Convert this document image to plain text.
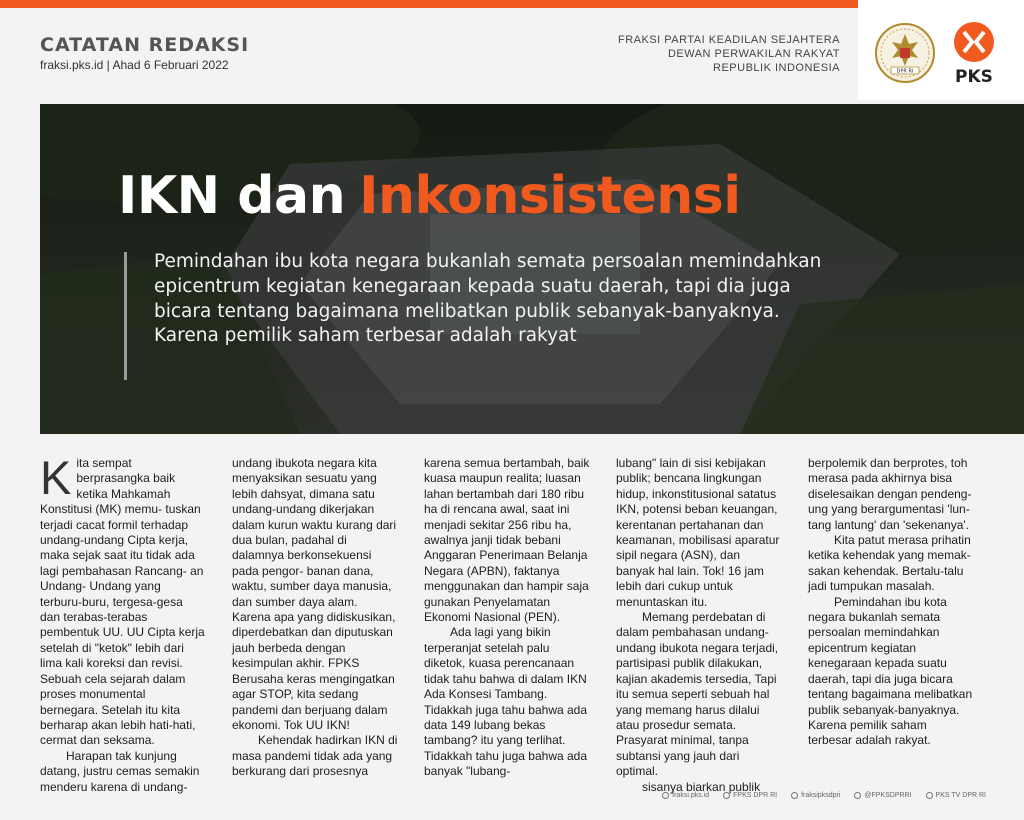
CATATAN REDAKSI
fraksi.pks.id | Ahad 6 Februari 2022
FRAKSI PARTAI KEADILAN SEJAHTERA
DEWAN PERWAKILAN RAKYAT
REPUBLIK INDONESIA	DPR RI PKS
IKN dan Inkonsistensi
Pemindahan ibu kota negara bukanlah semata persoalan memindahkan epicentrum kegiatan kenegaraan kepada suatu daerah, tapi dia juga bicara tentang bagaimana melibatkan publik sebanyak-banyaknya. Karena pemilik saham terbesar adalah rakyat

K ita sempat berprasangka baik ketika Mahkamah Konstitusi (MK) memu- tuskan terjadi cacat formil terhadap undang-undang Cipta kerja, maka sejak saat itu tidak ada lagi pembahasan Rancang- an Undang- Undang yang terburu-buru, tergesa-gesa dan terabas-terabas pembentuk UU. UU Cipta kerja setelah di "ketok" lebih dari lima kali koreksi dan revisi. Sebuah cela sejarah dalam proses monumental bernegara. Setelah itu kita berharap akan lebih hati-hati, cermat dan seksama.

Harapan tak kunjung datang, justru cemas semakin menderu karena di undang-

undang ibukota negara kita menyaksikan sesuatu yang lebih dahsyat, dimana satu undang-undang dikerjakan dalam kurun waktu kurang dari dua bulan, padahal di dalamnya berkonsekuensi pada pengor- banan dana, waktu, sumber daya manusia, dan sumber daya alam. Karena apa yang didiskusikan, diperdebatkan dan diputuskan jauh berbeda dengan kesimpulan akhir. FPKS Berusaha keras mengingatkan agar STOP, kita sedang pandemi dan berjuang dalam ekonomi. Tok UU IKN!

Kehendak hadirkan IKN di masa pandemi tidak ada yang berkurang dari prosesnya

karena semua bertambah, baik kuasa maupun realita; luasan lahan bertambah dari 180 ribu ha di rencana awal, saat ini menjadi sekitar 256 ribu ha, awalnya janji tidak bebani Anggaran Penerimaan Belanja Negara (APBN), faktanya menggunakan dan hampir saja gunakan Penyelamatan Ekonomi Nasional (PEN).

Ada lagi yang bikin terperanjat setelah palu diketok, kuasa perencanaan tidak tahu bahwa di dalam IKN Ada Konsesi Tambang. Tidakkah juga tahu bahwa ada data 149 lubang bekas tambang? itu yang terlihat. Tidakkah tahu juga bahwa ada banyak "lubang-

lubang" lain di sisi kebijakan publik; bencana lingkungan hidup, inkonstitusional satatus IKN, potensi beban keuangan, kerentanan pertahanan dan keamanan, mobilisasi aparatur sipil negara (ASN), dan banyak hal lain. Tok! 16 jam lebih dari cukup untuk menuntaskan itu.

Memang perdebatan di dalam pembahasan undang- undang ibukota negara terjadi, partisipasi publik dilakukan, kajian akademis tersedia, Tapi itu semua seperti sebuah hal yang memang harus dilalui atau prosedur semata. Prasyarat minimal, tanpa subtansi yang jauh dari optimal.

sisanya biarkan publik

berpolemik dan berprotes, toh merasa pada akhirnya bisa diselesaikan dengan pendeng- ung yang berargumentasi 'lun- tang lantung' dan 'sekenanya'.

Kita patut merasa prihatin ketika kehendak yang memak- sakan kehendak. Bertalu-talu jadi tumpukan masalah.

Pemindahan ibu kota negara bukanlah semata persoalan memindahkan epicentrum kegiatan kenegaraan kepada suatu daerah, tapi dia juga bicara tentang bagaimana melibatkan publik sebanyak-banyaknya. Karena pemilik saham terbesar adalah rakyat.

fraksi.pks.id	FPKS DPR RI	fraksipksdpri	@FPKSDPRRI	PKS TV DPR RI
